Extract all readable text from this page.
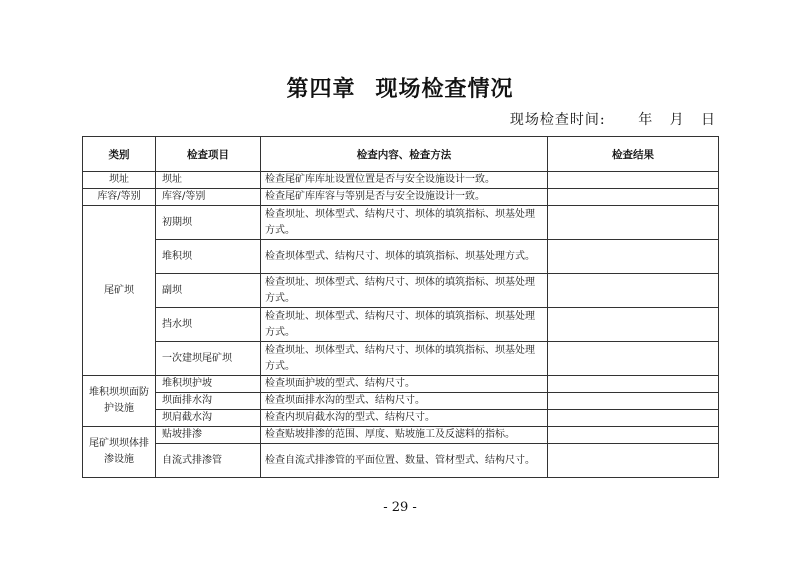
第四章 现场检查情况
现场检查时间: 年 月 日
类别	检查项目	检查内容、检查方法	检查结果
坝址	坝址	检查尾矿库库址设置位置是否与安全设施设计一致。	
库容/等别	库容/等别	检查尾矿库库容与等别是否与安全设施设计一致。	
尾矿坝	初期坝	检查坝址、坝体型式、结构尺寸、坝体的填筑指标、坝基处理方式。	
	堆积坝	检查坝体型式、结构尺寸、坝体的填筑指标、坝基处理方式。	
	副坝	检查坝址、坝体型式、结构尺寸、坝体的填筑指标、坝基处理方式。	
	挡水坝	检查坝址、坝体型式、结构尺寸、坝体的填筑指标、坝基处理方式。	
	一次建坝尾矿坝	检查坝址、坝体型式、结构尺寸、坝体的填筑指标、坝基处理方式。	
堆积坝坝面防护设施	堆积坝护坡	检查坝面护坡的型式、结构尺寸。	
	坝面排水沟	检查坝面排水沟的型式、结构尺寸。	
	坝肩截水沟	检查内坝肩截水沟的型式、结构尺寸。	
尾矿坝坝体排渗设施	贴坡排渗	检查贴坡排渗的范围、厚度、贴坡施工及反滤料的指标。	
	自流式排渗管	检查自流式排渗管的平面位置、数量、管材型式、结构尺寸。	
- 29 -
